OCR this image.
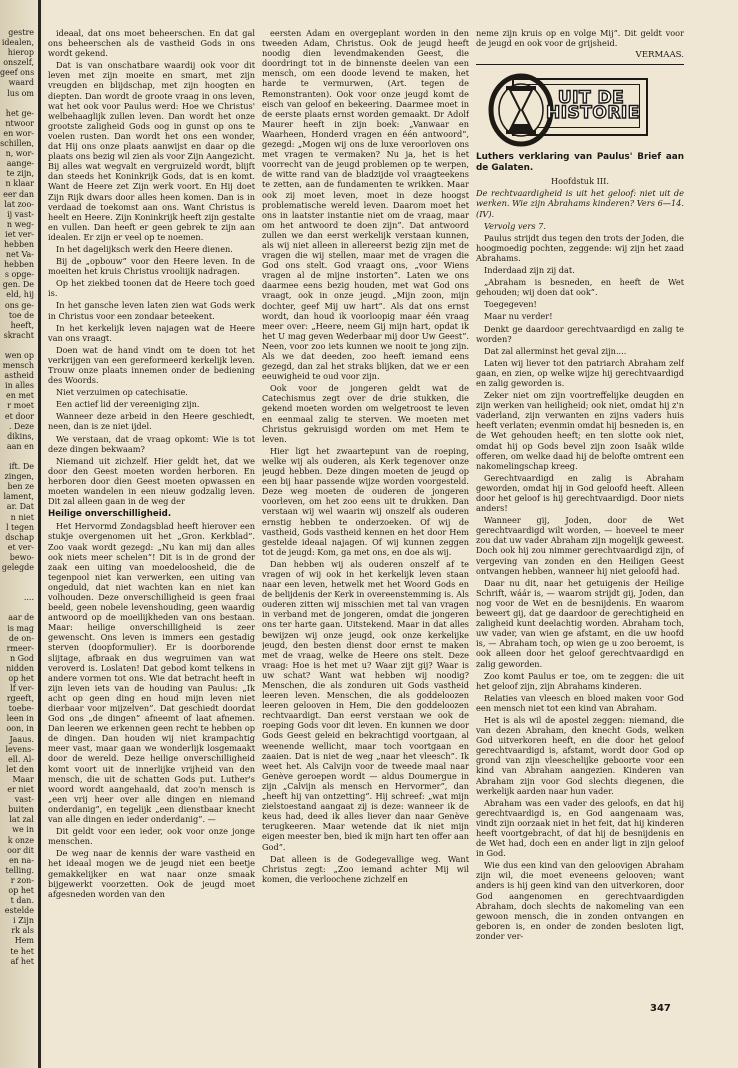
gestre
idealen,
hierop
onszelf,
geef ons
waard
lus om

het ge-
ntwoor
en wor-
schillen,
n, wor-
aange-
te zijn,
n klaar
eer dan
lat zoo-
ij vast-
n weg-
iet ver-
hebben
net Va-
hebben
s opge-
gen. De
eld, hij
ons ge-
toe de
heeft,
skracht

wen op
mensch
astheid
in alles
en met
r moet
et door
. Deze
dikins,
aan en

ift. De
zingen,
ben ze
lament,
ar. Dat
n niet
l tegen
dschap
et ver-
bewo-
gelegde

....

aar de
is mag
de on-
rmeer-
n God
nidden
op het
lf ver-
rgeeft,
toebe-
leen in
oon, in
Jaaus.
levens-
ell. Al-
let den
Maar
er niet
vast-
buiten
lat zal
we in
k onze
oor dit
en na-
telling.
r zon-
op het
t dan.
estelde
i Zijn
rk als
Hem
te het
af het

ideaal, dat ons moet beheerschen. En dat gal ons beheerschen als de vastheid Gods in ons wordt gekend.

Dat is van onschatbare waardij ook voor dit leven met zijn moeite en smart, met zijn vreugden en blijdschap, met zijn hoogten en diepten. Dan wordt de groote vraag in ons leven, wat het ook voor Paulus werd: Hoe we Christus' welbehaaglijk zullen leven. Dan wordt het onze grootste zaligheid Gods oog in gunst op ons te voelen rusten. Dan wordt het ons een wonder, dat Hij ons onze plaats aanwijst en daar op die plaats ons bezig wil zien als voor Zijn Aangezicht. Bij alles wat wegvalt en vergruizeld wordt, blijft dan steeds het Koninkrijk Gods, dat is en komt. Want de Heere zet Zijn werk voort. En Hij doet Zijn Rijk dwars door alles heen komen. Dan is in verdaad de toekomst aan ons. Want Christus is heelt en Heere. Zijn Koninkrijk heeft zijn gestalte en vullen. Dan heeft er geen gebrek te zijn aan idealen. Er zijn er veel op te noemen.

In het dagelijksch werk den Heere dienen.

Bij de „opbouw” voor den Heere leven. In de moeiten het kruis Christus vrooliijk nadragen.

Op het ziekbed toonen dat de Heere toch goed is.

In het gansche leven laten zien wat Gods werk in Christus voor een zondaar beteekent.

In het kerkelijk leven najagen wat de Heere van ons vraagt.

Doen wat de hand vindt om te doen tot het verkrijgen van een gereformeerd kerkelijk leven. Trouw onze plaats innemen onder de bediening des Woords.

Niet verzuimen op catechisatie.

Een actief lid der vereeniging zijn.

Wanneer deze arbeid in den Heere geschiedt, neen, dan is ze niet ijdel.

We verstaan, dat de vraag opkomt: Wie is tot deze dingen bekwaam?

Niemand uit zichzelf. Hier geldt het, dat we door den Geest moeten worden herboren. En herboren door dien Geest moeten opwassen en moeten wandelen in een nieuw godzalig leven. Dit zal alleen gaan in de weg der

Heilige onverschilligheid.

Het Hervormd Zondagsblad heeft hierover een stukje overgenomen uit het „Gron. Kerkblad”. Zoo vaak wordt gezegd: „Nu kan mij dan alles ook niets meer schelen”! Dit is in de grond der zaak een uiting van moedeloosheid, die de tegenpool niet kan verwerken, een uiting van ongeduld, dat niet wachten kan en niet kan volhouden. Deze onverschilligheid is geen fraai beeld, geen nobele levenshouding, geen waardig antwoord op de moeilijkheden van ons bestaan. Maar: heilige onverschilligheid is zeer gewenscht. Ons leven is immers een gestadig sterven (doopformulier). Er is doorborende slijtage, afbraak en dus wegruimen van wat veroverd is. Loslaten! Dat gebod komt telkens in andere vormen tot ons. Wie dat betracht heeft in zijn leven iets van de houding van Paulus: „Ik acht op geen ding en houd mijn leven niet dierbaar voor mijzelven”. Dat geschiedt doordat God ons „de dingen” afneemt of laat afnemen. Dan leeren we erkennen geen recht te hebben op de dingen. Dan houden wij niet krampachtig meer vast, maar gaan we wonderlijk losgemaakt door de wereld. Deze heilige onverschilligheid komt voort uit de innerlijke vrijheid van den mensch, die uit de schatten Gods put. Luther's woord wordt aangehaald, dat zoo'n mensch is „een vrij heer over alle dingen en niemand onderdanig”, en tegelijk „een dienstbaar knecht van alle dingen en ieder onderdanig”. —

Dit geldt voor een ieder, ook voor onze jonge menschen.

De weg naar de kennis der ware vastheid en het ideaal mogen we de jeugd niet een beetje gemakkelijker en wat naar onze smaak bijgewerkt voorzetten. Ook de jeugd moet afgesneden worden van den

eersten Adam en overgeplant worden in den tweeden Adam, Christus. Ook de jeugd heeft noodig dien levendmakenden Geest, die doordringt tot in de binnenste deelen van een mensch, om een doode levend te maken, het harde te vermurwen, (Art. tegen de Remonstranten). Ook voor onze jeugd komt de eisch van geloof en bekeering. Daarmee moet in de eerste plaats ernst worden gemaakt. Dr Adolf Maurer heeft in zijn boek: „Vanwaar en Waarheen, Honderd vragen en één antwoord”, gezegd: „Mogen wij ons de luxe veroorloven ons met vragen te vermaken? Nu ja, het is het voorrecht van de jeugd problemen op te werpen, de witte rand van de bladzijde vol vraagteekens te zetten, aan de fundamenten te wrikken. Maar ook zij moet leven, moet in deze hoogst problematische wereld leven. Daarom moet het ons in laatster instantie niet om de vraag, maar om het antwoord te doen zijn”. Dat antwoord zullen we dan eerst werkelijk verstaan kunnen, als wij niet alleen in allereerst bezig zijn met de vragen die wij stellen, maar met de vragen die God ons stelt. God vraagt ons, „voor Wiens vragen al de mijne instorten”. Laten we ons daarmee eens bezig houden, met wat God ons vraagt, ook in onze jeugd. „Mijn zoon, mijn dochter, geef Mij uw hart”. Als dat ons ernst wordt, dan houd ik voorloopig maar één vraag meer over: „Heere, neem Gij mijn hart, opdat ik het U mag geven Wederbaar mij door Uw Geest”. Neen, voor zoo iets kunnen we nooit te jong zijn. Als we dat deeden, zoo heeft iemand eens gezegd, dan zal het straks blijken, dat we er een eeuwigheid te oud voor zijn.

Ook voor de jongeren geldt wat de Catechismus zegt over de drie stukken, die gekend moeten worden om welgetroost te leven en eenmaal zalig te sterven. We moeten met Christus gekruisigd worden om met Hem te leven.

Hier ligt het zwaartepunt van de roeping, welke wij als ouderen, als Kerk tegenover onze jeugd hebben. Deze dingen moeten de jeugd op een bij haar passende wijze worden voorgesteld. Deze weg moeten de ouderen de jongeren voorleven, om het zoo eens uit te drukken. Dan verstaan wij wel waarin wij onszelf als ouderen ernstig hebben te onderzoeken. Of wij de vastheid, Gods vastheid kennen en het door Hem gestelde ideaal najagen. Of wij kunnen zeggen tot de jeugd: Kom, ga met ons, en doe als wij.

Dan hebben wij als ouderen onszelf af te vragen of wij ook in het kerkelijk leven staan naar een leven, hetwelk met het Woord Gods en de belijdenis der Kerk in overeenstemming is. Als ouderen zitten wij misschien met tal van vragen in verband met de jongeren, omdat die jongeren ons ter harte gaan. Uitstekend. Maar in dat alles bewijzen wij onze jeugd, ook onze kerkelijke jeugd, den besten dienst door ernst te maken met de vraag, welke de Heere ons stelt. Deze vraag: Hoe is het met u? Waar zijt gij? Waar is uw schat? Want wat hebben wij noodig? Menschen, die als zonduren uit Gods vastheid leeren leven. Menschen, die als goddeloozen leeren gelooven in Hem, Die den goddeloozen rechtvaardigt. Dan eerst verstaan we ook de roeping Gods voor dit leven. En kunnen we door Gods Geest geleid en bekrachtigd voortgaan, al weenende wellicht, maar toch voortgaan en zaaien. Dat is niet de weg „naar het vleesch”. Ik weet het. Als Calvijn voor de tweede maal naar Genève geroepen wordt — aldus Doumergue in zijn „Calvijn als mensch en Hervormer”, dan „heeft hij van ontzetting”. Hij schreef: „wat mijn zielstoestand aangaat zij is deze: wanneer ik de keus had, deed ik alles liever dan naar Genève terugkeeren. Maar wetende dat ik niet mijn eigen meester ben, bied ik mijn hart ten offer aan God”.

Dat alleen is de Godegevallige weg. Want Christus zegt: „Zoo iemand achter Mij wil komen, die verloochene zichzelf en

neme zijn kruis op en volge Mij”. Dit geldt voor de jeugd en ook voor de grijsheid.

VERMAAS.

UIT DE HISTORIE

Luthers verklaring van Paulus' Brief aan de Galaten.

Hoofdstuk III.

De rechtvaardigheid is uit het geloof: niet uit de werken. Wie zijn Abrahams kinderen? Vers 6—14. (IV).

Vervolg vers 7.

Paulus strijdt dus tegen den trots der Joden, die hoogmoedig pochten, zeggende: wij zijn het zaad Abrahams.

Inderdaad zijn zij dat.

„Abraham is besneden, en heeft de Wet gehouden; wij doen dat ook”.

Toegegeven!

Maar nu verder!

Denkt ge daardoor gerechtvaardigd en zalig te worden?

Dat zal allerminst het geval zijn....

Laten wij liever tot den patriarch Abraham zelf gaan, en zien, op welke wijze hij gerechtvaardigd en zalig geworden is.

Zeker niet om zijn voortreffelijke deugden en zijn werken van heiligheid; ook niet, omdat hij z'n vaderland, zijn verwanten en zijns vaders huis heeft verlaten; evenmin omdat hij besneden is, en de Wet gehouden heeft; en ten slotte ook niet, omdat hij op Gods bevel zijn zoon Isaäk wilde offeren, om welke daad hij de belofte omtrent een nakomelingschap kreeg.

Gerechtvaardigd en zalig is Abraham geworden, omdat hij in God geloofd heeft. Alleen door het geloof is hij gerechtvaardigd. Door niets anders!

Wanneer gij, Joden, door de Wet gerechtvaardigd wilt worden, — hoeveel te meer zou dat uw vader Abraham zijn mogelijk geweest. Doch ook hij zou nimmer gerechtvaardigd zijn, of vergeving van zonden en den Heiligen Geest ontvangen hebben, wanneer hij niet geloofd had.

Daar nu dit, naar het getuigenis der Heilige Schrift, wáár is, — waarom strijdt gij, Joden, dan nog voor de Wet en de besnijdenis. En waarom beweert gij, dat ge daardoor de gerechtigheid en zaligheid kunt deelachtig worden. Abraham toch, uw vader, van wien ge afstamt, en die uw hoofd is, — Abraham toch, op wien ge u zoo beroemt, is ook alleen door het geloof gerechtvaardigd en zalig geworden.

Zoo komt Paulus er toe, om te zeggen: die uit het geloof zijn, zijn Abrahams kinderen.

Relaties van vleesch en bloed maken voor God een mensch niet tot een kind van Abraham.

Het is als wil de apostel zeggen: niemand, die van dezen Abraham, den knecht Gods, welken God uitverkoren heeft, en die door het geloof gerechtvaardigd is, afstamt, wordt door God op grond van zijn vleeschelijke geboorte voor een kind van Abraham aangezien. Kinderen van Abraham zijn voor God slechts diegenen, die werkelijk aarden naar hun vader.

Abraham was een vader des geloofs, en dat hij gerechtvaardigd is, en God aangenaam was, vindt zijn oorzaak niet in het feit, dat hij kinderen heeft voortgebracht, of dat hij de besnijdenis en de Wet had, doch een en ander ligt in zijn geloof in God.

Wie dus een kind van den geloovigen Abraham zijn wil, die moet eveneens gelooven; want anders is hij geen kind van den uitverkoren, door God aangenomen en gerechtvaardigden Abraham, doch slechts de nakomeling van een gewoon mensch, die in zonden ontvangen en geboren is, en onder de zonden besloten ligt, zonder ver-

347
